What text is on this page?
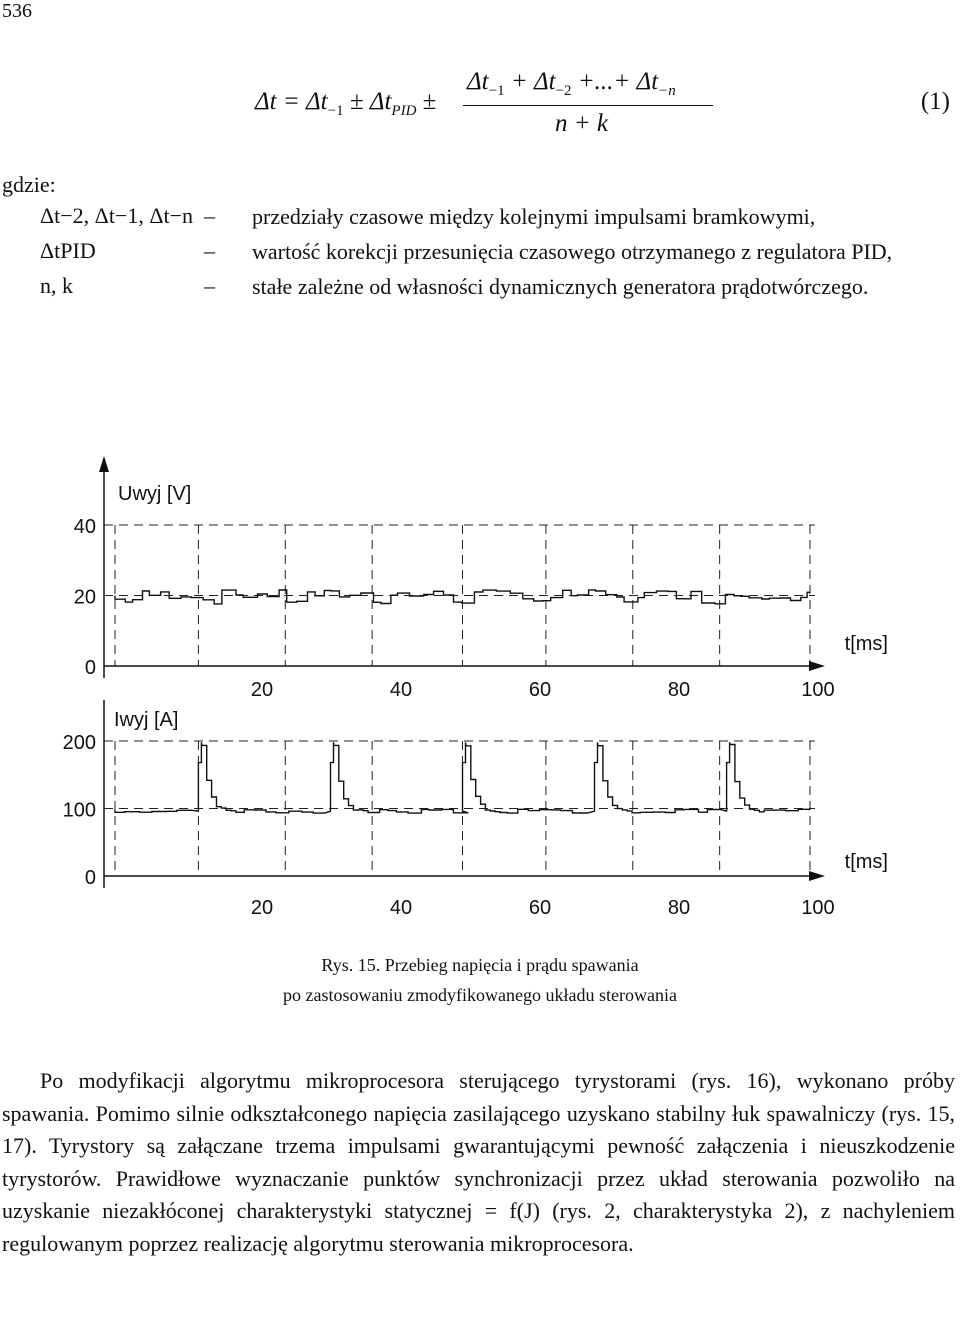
536
$\Delta t = \Delta t_{-1} \pm \Delta t_{PID}$ ±
$\Delta t_{-1} + \Delta t_{-2}$ +...+ $\Delta t_{-n}$
n + k
(1)
gdzie:
Δt−2, Δt−1, Δt−n –	przedziały czasowe między kolejnymi impulsami bramkowymi,
ΔtPID	–	wartość korekcji przesunięcia czasowego otrzymanego z regulatora PID,
n, k	–	stałe zależne od własności dynamicznych generatora prądotwórczego.
40
20
0
Uwyj [V]
20	40	60	80	100
t[ms]
200
100
0
Iwyj [A]
20	40	60	80	100
t[ms]
Rys. 15. Przebieg napięcia i prądu spawania
po zastosowaniu zmodyfikowanego układu sterowania
Po modyfikacji algorytmu mikroprocesora sterującego tyrystorami (rys. 16), wykonano próby spawania. Pomimo silnie odkształconego napięcia zasilającego uzyskano stabilny łuk spawalniczy (rys. 15, 17). Tyrystory są załączane trzema impulsami gwarantującymi pewność załączenia i nieuszkodzenie tyrystorów. Prawidłowe wyznaczanie punktów synchronizacji przez układ sterowania pozwoliło na uzyskanie niezakłóconej charakterystyki statycznej = f(J) (rys. 2, charakterystyka 2), z nachyleniem regulowanym poprzez realizację algorytmu sterowania mikroprocesora.
